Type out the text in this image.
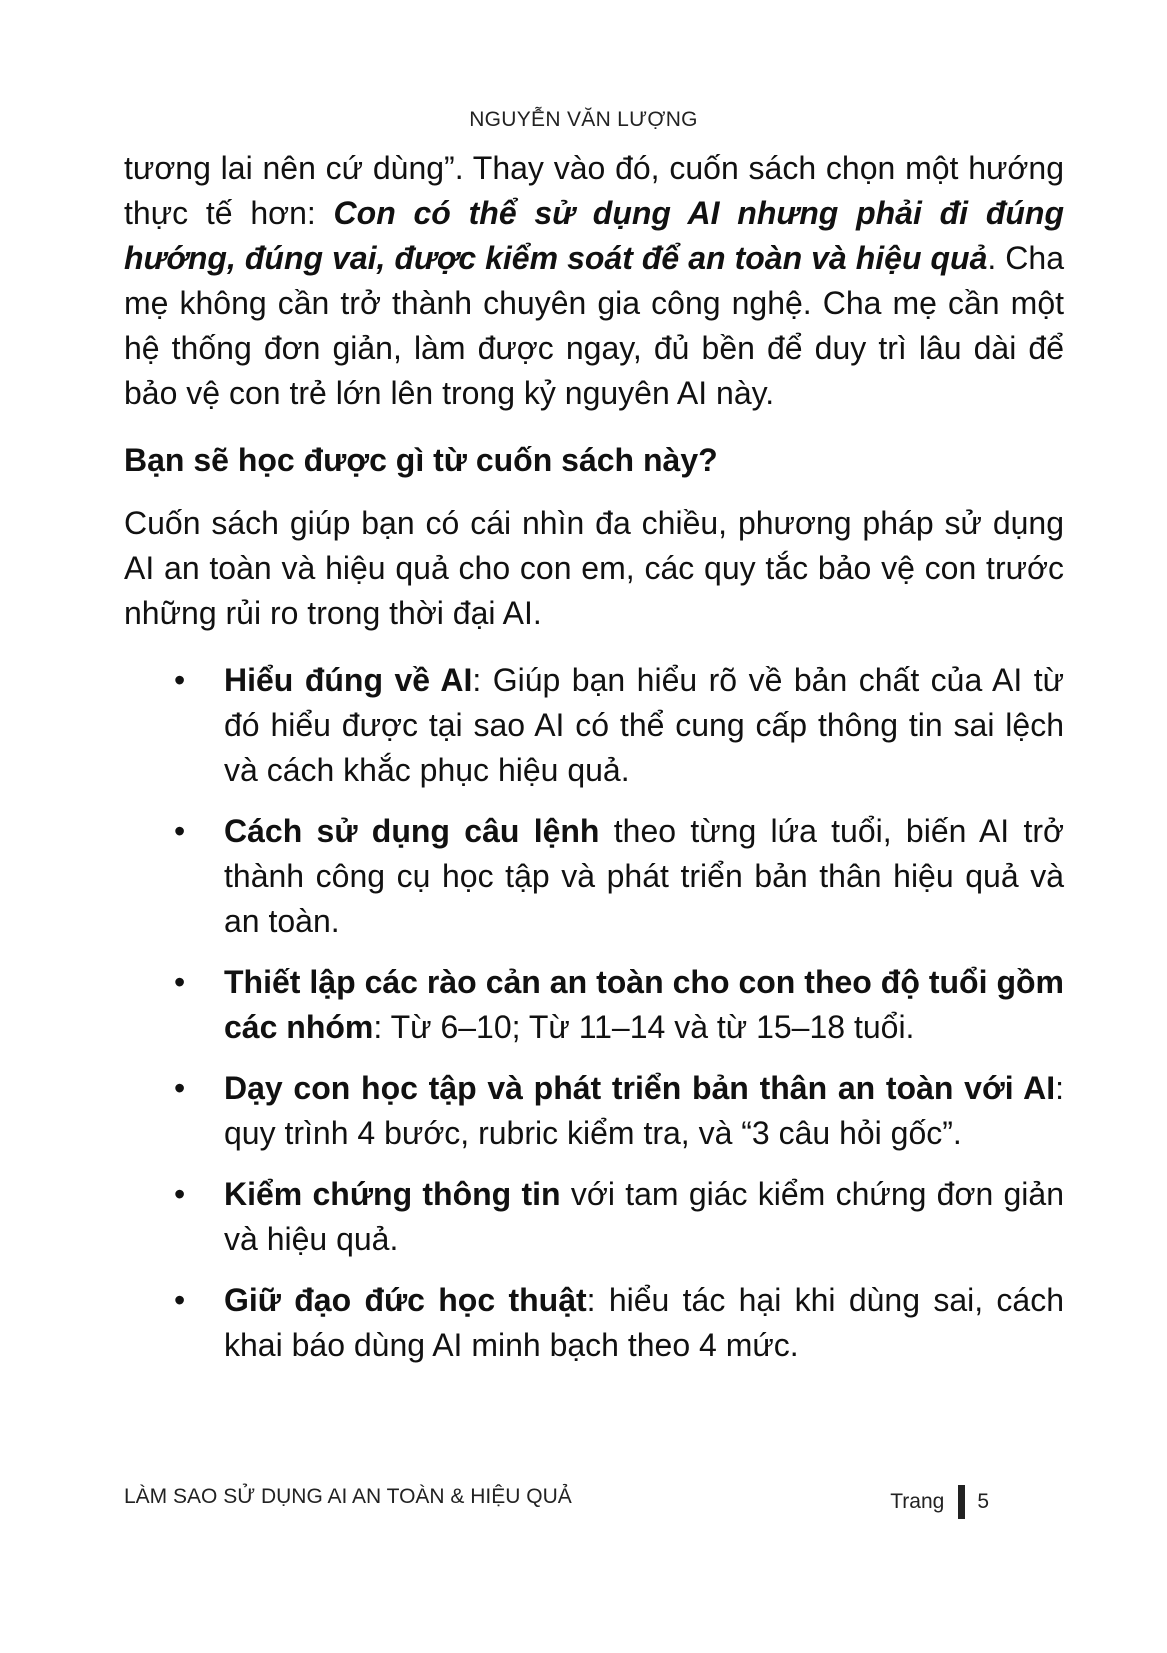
NGUYỄN VĂN LƯỢNG

tương lai nên cứ dùng”. Thay vào đó, cuốn sách chọn một hướng thực tế hơn: Con có thể sử dụng AI nhưng phải đi đúng hướng, đúng vai, được kiểm soát để an toàn và hiệu quả. Cha mẹ không cần trở thành chuyên gia công nghệ. Cha mẹ cần một hệ thống đơn giản, làm được ngay, đủ bền để duy trì lâu dài để bảo vệ con trẻ lớn lên trong kỷ nguyên AI này.

Bạn sẽ học được gì từ cuốn sách này?

Cuốn sách giúp bạn có cái nhìn đa chiều, phương pháp sử dụng AI an toàn và hiệu quả cho con em, các quy tắc bảo vệ con trước những rủi ro trong thời đại AI.

• Hiểu đúng về AI: Giúp bạn hiểu rõ về bản chất của AI từ đó hiểu được tại sao AI có thể cung cấp thông tin sai lệch và cách khắc phục hiệu quả.
• Cách sử dụng câu lệnh theo từng lứa tuổi, biến AI trở thành công cụ học tập và phát triển bản thân hiệu quả và an toàn.
• Thiết lập các rào cản an toàn cho con theo độ tuổi gồm các nhóm: Từ 6–10; Từ 11–14 và từ 15–18 tuổi.
• Dạy con học tập và phát triển bản thân an toàn với AI: quy trình 4 bước, rubric kiểm tra, và “3 câu hỏi gốc”.
• Kiểm chứng thông tin với tam giác kiểm chứng đơn giản và hiệu quả.
• Giữ đạo đức học thuật: hiểu tác hại khi dùng sai, cách khai báo dùng AI minh bạch theo 4 mức.
LÀM SAO SỬ DỤNG AI AN TOÀN & HIỆU QUẢ	Trang 5
